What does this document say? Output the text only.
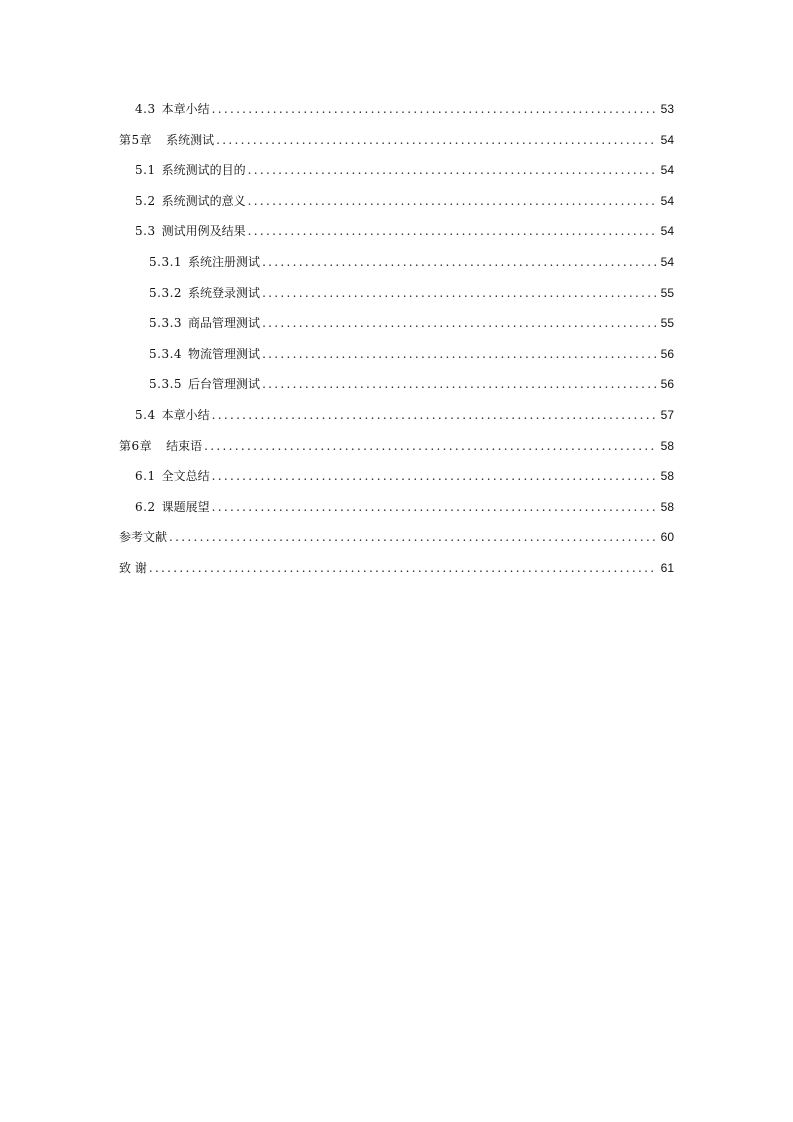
4.3 本章小结 .....	53
第5章 系统测试 .....	54
5.1 系统测试的目的 .....	54
5.2 系统测试的意义 .....	54
5.3 测试用例及结果 .....	54
5.3.1 系统注册测试 .....	54
5.3.2 系统登录测试 .....	55
5.3.3 商品管理测试 .....	55
5.3.4 物流管理测试 .....	56
5.3.5 后台管理测试 .....	56
5.4 本章小结 .....	57
第6章 结束语 .....	58
6.1 全文总结 .....	58
6.2 课题展望 .....	58
参考文献 .....	60
致 谢 .....	61
